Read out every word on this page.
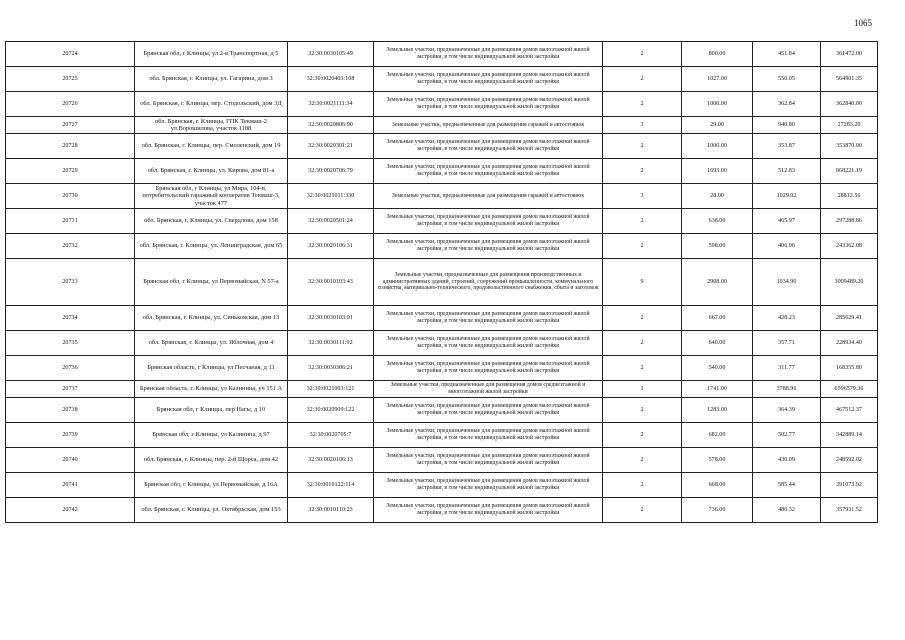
1065
20724	Брянская обл, г Клинцы, ул 2-я Транспортная, д 5	32:30:0030105:49	Земельные участки, предназначенные для размещения домов малоэтажной жилой застройки, в том числе индивидуальной жилой застройки	2	800.00	451.84	361472.00
20725	обл. Брянская, г. Клинцы, ул. Гагарина, дом 3	32:30:0020403:108	Земельные участки, предназначенные для размещения домов малоэтажной жилой застройки, в том числе индивидуальной жилой застройки	2	1027.00	550.05	564901.35
20726	обл. Брянская, г. Клинцы, пер. Стодольский, дом 3Д	32:30:0021111:34	Земельные участки, предназначенные для размещения домов малоэтажной жилой застройки, в том числе индивидуальной жилой застройки	2	1000.00	362.84	362840.00
20727	обл. Брянская, г. Клинцы, ГПК Текмаш-2 ул.Ворошилова, участок 1188	32:30:0020806:90	Земельные участки, предназначенные для размещения гаражей и автостоянок	3	29.00	940.80	27283.20
20728	обл. Брянская, г. Клинцы, пер. Смоленский, дом 19	32:30:0020301:21	Земельные участки, предназначенные для размещения домов малоэтажной жилой застройки, в том числе индивидуальной жилой застройки	2	1000.00	353.87	353870.00
20729	обл. Брянская, г. Клинцы, ул. Кирова, дом 81-а	32:30:0020706:79	Земельные участки, предназначенные для размещения домов малоэтажной жилой застройки, в том числе индивидуальной жилой застройки	2	1693.00	512.83	868221.19
20730	Брянская обл, г Клинцы, ул Мира, 104-в, потребительский гаражный кооператив Текмаш-3, участок 477	32:30:0021011:330	Земельные участки, предназначенные для размещения гаражей и автостоянок	3	28.00	1029.02	28812.56
20731	обл. Брянская, г. Клинцы, ул. Свердлова, дом 158	32:30:0020501:24	Земельные участки, предназначенные для размещения домов малоэтажной жилой застройки, в том числе индивидуальной жилой застройки	2	638.00	465.97	297288.86
20732	обл. Брянская, г. Клинцы, ул. Ленинградская, дом 65	32:30:0020106:31	Земельные участки, предназначенные для размещения домов малоэтажной жилой застройки, в том числе индивидуальной жилой застройки	2	598.00	406.96	243362.08
20733	Брянская обл, г Клинцы, ул Первомайская, N 57-а	32:30:0010103:43	Земельные участки, предназначенные для размещения производственных и административных зданий, строений, сооружений промышленности, коммунального хозяйства, материально-технического, продовольственного снабжения, сбыта и заготовок	9	2908.00	1034.90	3009489.20
20734	обл. Брянская, г. Клинцы, ул. Синьковская, дом 13	32:30:0030103:91	Земельные участки, предназначенные для размещения домов малоэтажной жилой застройки, в том числе индивидуальной жилой застройки	2	667.00	428.23	285629.41
20735	обл. Брянская, г. Клинцы, ул. Яблочная, дом 4	32:30:0030111:92	Земельные участки, предназначенные для размещения домов малоэтажной жилой застройки, в том числе индивидуальной жилой застройки	2	640.00	357.71	228934.40
20736	Брянская область, г Клинцы, ул Песчаная, д 11	32:30:0030306:21	Земельные участки, предназначенные для размещения домов малоэтажной жилой застройки, в том числе индивидуальной жилой застройки	2	540.00	311.77	168355.80
20737	Брянская область, г. Клинцы, ул Калинина, уч 151 А	32:30:0021003:121	Земельные участки, предназначенные для размещения домов среднеэтажной и многоэтажной жилой застройки	1	1741.00	3788.96	6596579.36
20738	Брянская обл, г Клинцы, пер Нагы, д 10	32:30:0020909:122	Земельные участки, предназначенные для размещения домов малоэтажной жилой застройки, в том числе индивидуальной жилой застройки	2	1283.00	364.39	467512.37
20739	Брянская обл, г Клинцы, ул Калинина, д 97	32:30:0020705:7	Земельные участки, предназначенные для размещения домов малоэтажной жилой застройки, в том числе индивидуальной жилой застройки	2	682.00	502.77	342889.14
20740	обл. Брянская, г. Клинцы, пер. 2-й Щорса, дом 42	32:30:0020106:13	Земельные участки, предназначенные для размещения домов малоэтажной жилой застройки, в том числе индивидуальной жилой застройки	2	578.00	430.09	248592.02
20741	Брянская обл, г Клинцы, ул Первомайская, д 16А	32:30:0010122:114	Земельные участки, предназначенные для размещения домов малоэтажной жилой застройки, в том числе индивидуальной жилой застройки	2	668.00	585.44	391073.92
20742	обл. Брянская, г. Клинцы, ул. Октябрьская, дом 153	32:30:0010110:23	Земельные участки, предназначенные для размещения домов малоэтажной жилой застройки, в том числе индивидуальной жилой застройки	2	736.00	486.32	357931.52
